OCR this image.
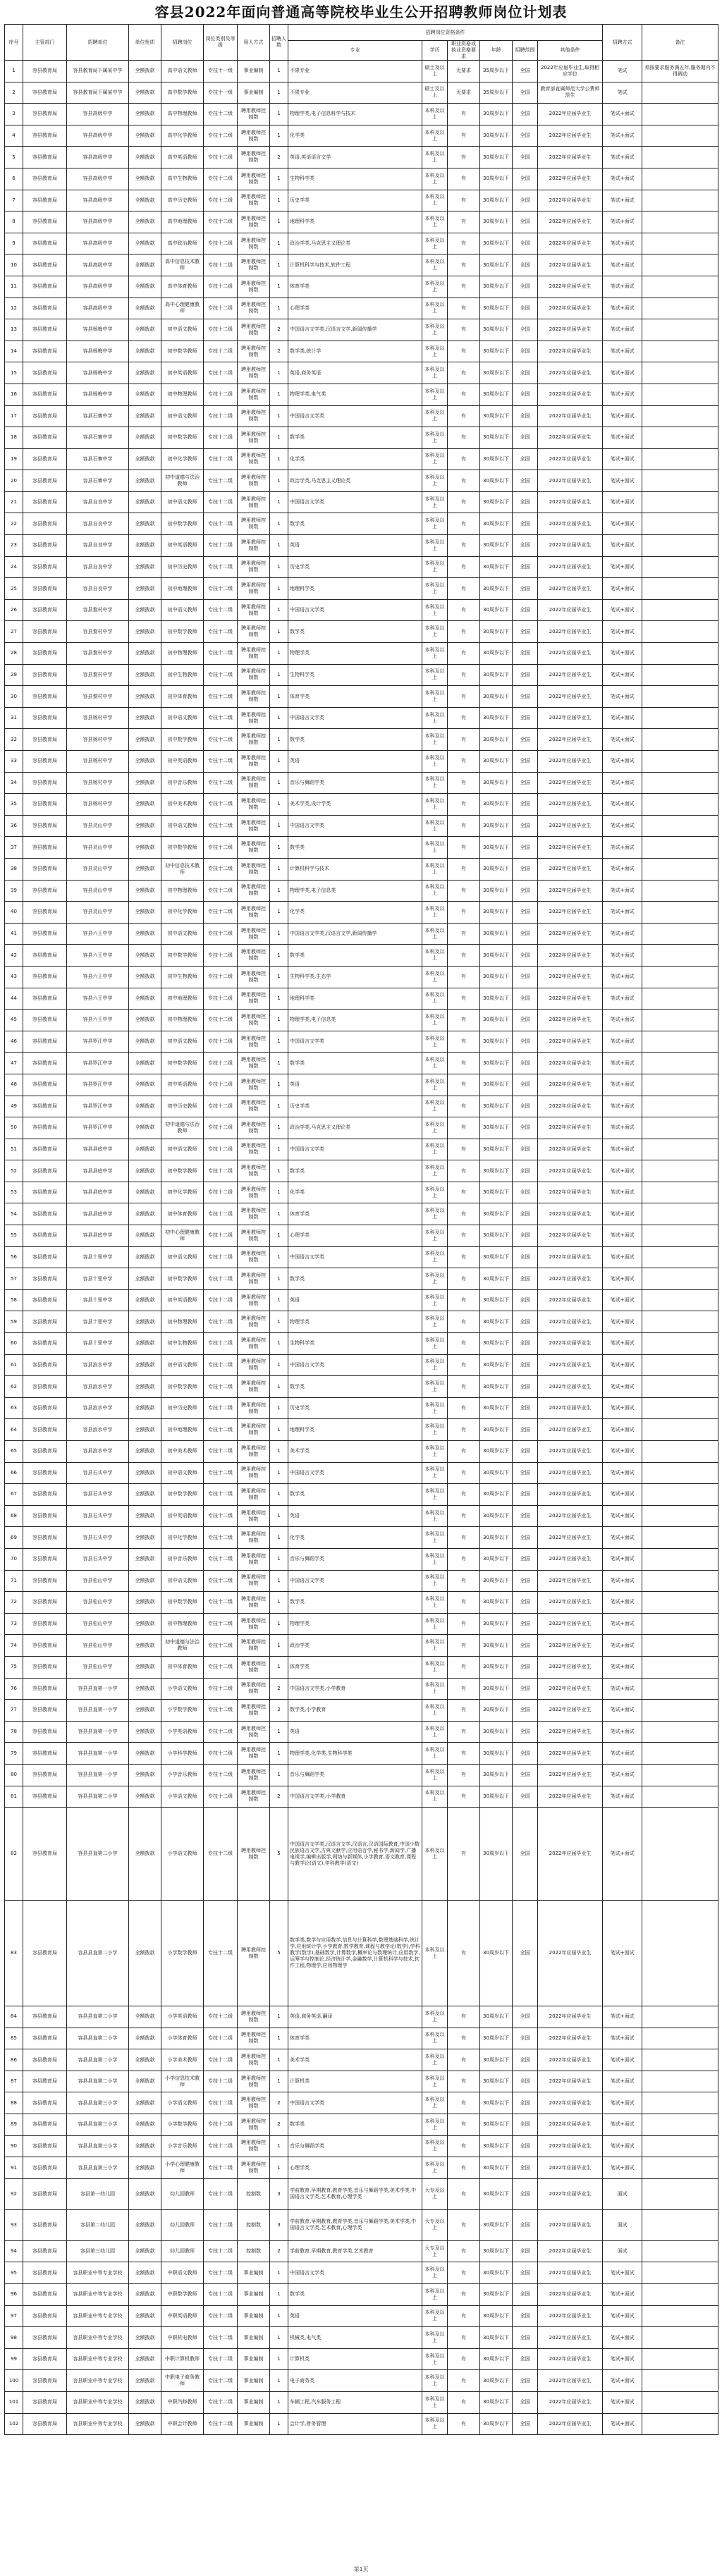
容县2022年面向普通高等院校毕业生公开招聘教师岗位计划表
序号	主管部门	招聘单位	单位性质	招聘岗位	岗位类别及等级	用人方式	招聘人数	招聘岗位资格条件						招聘方式	备注
								专业	学历	职业资格或执业资格要求	年龄	招聘范围	其他条件		
1	容县教育局	容县教育局下属某中学	全额拨款	高中语文教师	专技十一级	事业编制	1	不限专业	硕士及以上	无要求	35周岁以下	全国	2022年应届毕业生,取得相应学位	笔试	须按要求服务满五年,服务期内不得调动
2	容县教育局	容县教育局下属某中学	全额拨款	高中数学教师	专技十一级	事业编制	1	不限专业	硕士及以上	无要求	35周岁以下	全国	教育部直属师范大学公费师范生	笔试	
3	容县教育局	容县高级中学	全额拨款	高中物理教师	专技十二级	聘用教师控制数	1	物理学类,电子信息科学与技术	本科及以上	有	30周岁以下	全国	2022年应届毕业生	笔试+面试	
4	容县教育局	容县高级中学	全额拨款	高中化学教师	专技十二级	聘用教师控制数	1	化学类	本科及以上	有	30周岁以下	全国	2022年应届毕业生	笔试+面试	
5	容县教育局	容县高级中学	全额拨款	高中英语教师	专技十二级	聘用教师控制数	2	英语,英语语言文学	本科及以上	有	30周岁以下	全国	2022年应届毕业生	笔试+面试	
6	容县教育局	容县高级中学	全额拨款	高中生物教师	专技十二级	聘用教师控制数	1	生物科学类	本科及以上	有	30周岁以下	全国	2022年应届毕业生	笔试+面试	
7	容县教育局	容县高级中学	全额拨款	高中历史教师	专技十二级	聘用教师控制数	1	历史学类	本科及以上	有	30周岁以下	全国	2022年应届毕业生	笔试+面试	
8	容县教育局	容县高级中学	全额拨款	高中地理教师	专技十二级	聘用教师控制数	1	地理科学类	本科及以上	有	30周岁以下	全国	2022年应届毕业生	笔试+面试	
9	容县教育局	容县高级中学	全额拨款	高中政治教师	专技十二级	聘用教师控制数	1	政治学类,马克思主义理论类	本科及以上	有	30周岁以下	全国	2022年应届毕业生	笔试+面试	
10	容县教育局	容县高级中学	全额拨款	高中信息技术教师	专技十二级	聘用教师控制数	1	计算机科学与技术,软件工程	本科及以上	有	30周岁以下	全国	2022年应届毕业生	笔试+面试	
11	容县教育局	容县高级中学	全额拨款	高中体育教师	专技十二级	聘用教师控制数	1	体育学类	本科及以上	有	30周岁以下	全国	2022年应届毕业生	笔试+面试	
12	容县教育局	容县高级中学	全额拨款	高中心理健康教师	专技十二级	聘用教师控制数	1	心理学类	本科及以上	有	30周岁以下	全国	2022年应届毕业生	笔试+面试	
13	容县教育局	容县杨梅中学	全额拨款	初中语文教师	专技十二级	聘用教师控制数	2	中国语言文学类,汉语言文学,新闻传播学	本科及以上	有	30周岁以下	全国	2022年应届毕业生	笔试+面试	
14	容县教育局	容县杨梅中学	全额拨款	初中数学教师	专技十二级	聘用教师控制数	2	数学类,统计学	本科及以上	有	30周岁以下	全国	2022年应届毕业生	笔试+面试	
15	容县教育局	容县杨梅中学	全额拨款	初中英语教师	专技十二级	聘用教师控制数	1	英语,商务英语	本科及以上	有	30周岁以下	全国	2022年应届毕业生	笔试+面试	
16	容县教育局	容县杨梅中学	全额拨款	初中物理教师	专技十二级	聘用教师控制数	1	物理学类,电气类	本科及以上	有	30周岁以下	全国	2022年应届毕业生	笔试+面试	
17	容县教育局	容县石寨中学	全额拨款	初中语文教师	专技十二级	聘用教师控制数	1	中国语言文学类	本科及以上	有	30周岁以下	全国	2022年应届毕业生	笔试+面试	
18	容县教育局	容县石寨中学	全额拨款	初中数学教师	专技十二级	聘用教师控制数	1	数学类	本科及以上	有	30周岁以下	全国	2022年应届毕业生	笔试+面试	
19	容县教育局	容县石寨中学	全额拨款	初中化学教师	专技十二级	聘用教师控制数	1	化学类	本科及以上	有	30周岁以下	全国	2022年应届毕业生	笔试+面试	
20	容县教育局	容县石寨中学	全额拨款	初中道德与法治教师	专技十二级	聘用教师控制数	1	政治学类,马克思主义理论类	本科及以上	有	30周岁以下	全国	2022年应届毕业生	笔试+面试	
21	容县教育局	容县自良中学	全额拨款	初中语文教师	专技十二级	聘用教师控制数	1	中国语言文学类	本科及以上	有	30周岁以下	全国	2022年应届毕业生	笔试+面试	
22	容县教育局	容县自良中学	全额拨款	初中数学教师	专技十二级	聘用教师控制数	1	数学类	本科及以上	有	30周岁以下	全国	2022年应届毕业生	笔试+面试	
23	容县教育局	容县自良中学	全额拨款	初中英语教师	专技十二级	聘用教师控制数	1	英语	本科及以上	有	30周岁以下	全国	2022年应届毕业生	笔试+面试	
24	容县教育局	容县自良中学	全额拨款	初中历史教师	专技十二级	聘用教师控制数	1	历史学类	本科及以上	有	30周岁以下	全国	2022年应届毕业生	笔试+面试	
25	容县教育局	容县自良中学	全额拨款	初中地理教师	专技十二级	聘用教师控制数	1	地理科学类	本科及以上	有	30周岁以下	全国	2022年应届毕业生	笔试+面试	
26	容县教育局	容县黎村中学	全额拨款	初中语文教师	专技十二级	聘用教师控制数	1	中国语言文学类	本科及以上	有	30周岁以下	全国	2022年应届毕业生	笔试+面试	
27	容县教育局	容县黎村中学	全额拨款	初中数学教师	专技十二级	聘用教师控制数	1	数学类	本科及以上	有	30周岁以下	全国	2022年应届毕业生	笔试+面试	
28	容县教育局	容县黎村中学	全额拨款	初中物理教师	专技十二级	聘用教师控制数	1	物理学类	本科及以上	有	30周岁以下	全国	2022年应届毕业生	笔试+面试	
29	容县教育局	容县黎村中学	全额拨款	初中生物教师	专技十二级	聘用教师控制数	1	生物科学类	本科及以上	有	30周岁以下	全国	2022年应届毕业生	笔试+面试	
30	容县教育局	容县黎村中学	全额拨款	初中体育教师	专技十二级	聘用教师控制数	1	体育学类	本科及以上	有	30周岁以下	全国	2022年应届毕业生	笔试+面试	
31	容县教育局	容县杨村中学	全额拨款	初中语文教师	专技十二级	聘用教师控制数	1	中国语言文学类	本科及以上	有	30周岁以下	全国	2022年应届毕业生	笔试+面试	
32	容县教育局	容县杨村中学	全额拨款	初中数学教师	专技十二级	聘用教师控制数	1	数学类	本科及以上	有	30周岁以下	全国	2022年应届毕业生	笔试+面试	
33	容县教育局	容县杨村中学	全额拨款	初中英语教师	专技十二级	聘用教师控制数	1	英语	本科及以上	有	30周岁以下	全国	2022年应届毕业生	笔试+面试	
34	容县教育局	容县杨村中学	全额拨款	初中音乐教师	专技十二级	聘用教师控制数	1	音乐与舞蹈学类	本科及以上	有	30周岁以下	全国	2022年应届毕业生	笔试+面试	
35	容县教育局	容县杨村中学	全额拨款	初中美术教师	专技十二级	聘用教师控制数	1	美术学类,设计学类	本科及以上	有	30周岁以下	全国	2022年应届毕业生	笔试+面试	
36	容县教育局	容县灵山中学	全额拨款	初中语文教师	专技十二级	聘用教师控制数	1	中国语言文学类	本科及以上	有	30周岁以下	全国	2022年应届毕业生	笔试+面试	
37	容县教育局	容县灵山中学	全额拨款	初中数学教师	专技十二级	聘用教师控制数	1	数学类	本科及以上	有	30周岁以下	全国	2022年应届毕业生	笔试+面试	
38	容县教育局	容县灵山中学	全额拨款	初中信息技术教师	专技十二级	聘用教师控制数	1	计算机科学与技术	本科及以上	有	30周岁以下	全国	2022年应届毕业生	笔试+面试	
39	容县教育局	容县灵山中学	全额拨款	初中物理教师	专技十二级	聘用教师控制数	1	物理学类,电子信息类	本科及以上	有	30周岁以下	全国	2022年应届毕业生	笔试+面试	
40	容县教育局	容县灵山中学	全额拨款	初中化学教师	专技十二级	聘用教师控制数	1	化学类	本科及以上	有	30周岁以下	全国	2022年应届毕业生	笔试+面试	
41	容县教育局	容县六王中学	全额拨款	初中语文教师	专技十二级	聘用教师控制数	1	中国语言文学类,汉语言文学,新闻传播学	本科及以上	有	30周岁以下	全国	2022年应届毕业生	笔试+面试	
42	容县教育局	容县六王中学	全额拨款	初中数学教师	专技十二级	聘用教师控制数	1	数学类	本科及以上	有	30周岁以下	全国	2022年应届毕业生	笔试+面试	
43	容县教育局	容县六王中学	全额拨款	初中生物教师	专技十二级	聘用教师控制数	1	生物科学类,生态学	本科及以上	有	30周岁以下	全国	2022年应届毕业生	笔试+面试	
44	容县教育局	容县六王中学	全额拨款	初中地理教师	专技十二级	聘用教师控制数	1	地理科学类	本科及以上	有	30周岁以下	全国	2022年应届毕业生	笔试+面试	
45	容县教育局	容县六王中学	全额拨款	初中物理教师	专技十二级	聘用教师控制数	1	物理学类,电子信息类	本科及以上	有	30周岁以下	全国	2022年应届毕业生	笔试+面试	
46	容县教育局	容县罗江中学	全额拨款	初中语文教师	专技十二级	聘用教师控制数	1	中国语言文学类	本科及以上	有	30周岁以下	全国	2022年应届毕业生	笔试+面试	
47	容县教育局	容县罗江中学	全额拨款	初中数学教师	专技十二级	聘用教师控制数	1	数学类	本科及以上	有	30周岁以下	全国	2022年应届毕业生	笔试+面试	
48	容县教育局	容县罗江中学	全额拨款	初中英语教师	专技十二级	聘用教师控制数	1	英语	本科及以上	有	30周岁以下	全国	2022年应届毕业生	笔试+面试	
49	容县教育局	容县罗江中学	全额拨款	初中历史教师	专技十二级	聘用教师控制数	1	历史学类	本科及以上	有	30周岁以下	全国	2022年应届毕业生	笔试+面试	
50	容县教育局	容县罗江中学	全额拨款	初中道德与法治教师	专技十二级	聘用教师控制数	1	政治学类,马克思主义理论类	本科及以上	有	30周岁以下	全国	2022年应届毕业生	笔试+面试	
51	容县教育局	容县县底中学	全额拨款	初中语文教师	专技十二级	聘用教师控制数	1	中国语言文学类	本科及以上	有	30周岁以下	全国	2022年应届毕业生	笔试+面试	
52	容县教育局	容县县底中学	全额拨款	初中数学教师	专技十二级	聘用教师控制数	1	数学类	本科及以上	有	30周岁以下	全国	2022年应届毕业生	笔试+面试	
53	容县教育局	容县县底中学	全额拨款	初中化学教师	专技十二级	聘用教师控制数	1	化学类	本科及以上	有	30周岁以下	全国	2022年应届毕业生	笔试+面试	
54	容县教育局	容县县底中学	全额拨款	初中体育教师	专技十二级	聘用教师控制数	1	体育学类	本科及以上	有	30周岁以下	全国	2022年应届毕业生	笔试+面试	
55	容县教育局	容县县底中学	全额拨款	初中心理健康教师	专技十二级	聘用教师控制数	1	心理学类	本科及以上	有	30周岁以下	全国	2022年应届毕业生	笔试+面试	
56	容县教育局	容县十里中学	全额拨款	初中语文教师	专技十二级	聘用教师控制数	1	中国语言文学类	本科及以上	有	30周岁以下	全国	2022年应届毕业生	笔试+面试	
57	容县教育局	容县十里中学	全额拨款	初中数学教师	专技十二级	聘用教师控制数	1	数学类	本科及以上	有	30周岁以下	全国	2022年应届毕业生	笔试+面试	
58	容县教育局	容县十里中学	全额拨款	初中英语教师	专技十二级	聘用教师控制数	1	英语	本科及以上	有	30周岁以下	全国	2022年应届毕业生	笔试+面试	
59	容县教育局	容县十里中学	全额拨款	初中物理教师	专技十二级	聘用教师控制数	1	物理学类	本科及以上	有	30周岁以下	全国	2022年应届毕业生	笔试+面试	
60	容县教育局	容县十里中学	全额拨款	初中生物教师	专技十二级	聘用教师控制数	1	生物科学类	本科及以上	有	30周岁以下	全国	2022年应届毕业生	笔试+面试	
61	容县教育局	容县浪水中学	全额拨款	初中语文教师	专技十二级	聘用教师控制数	1	中国语言文学类	本科及以上	有	30周岁以下	全国	2022年应届毕业生	笔试+面试	
62	容县教育局	容县浪水中学	全额拨款	初中数学教师	专技十二级	聘用教师控制数	1	数学类	本科及以上	有	30周岁以下	全国	2022年应届毕业生	笔试+面试	
63	容县教育局	容县浪水中学	全额拨款	初中历史教师	专技十二级	聘用教师控制数	1	历史学类	本科及以上	有	30周岁以下	全国	2022年应届毕业生	笔试+面试	
64	容县教育局	容县浪水中学	全额拨款	初中地理教师	专技十二级	聘用教师控制数	1	地理科学类	本科及以上	有	30周岁以下	全国	2022年应届毕业生	笔试+面试	
65	容县教育局	容县浪水中学	全额拨款	初中美术教师	专技十二级	聘用教师控制数	1	美术学类	本科及以上	有	30周岁以下	全国	2022年应届毕业生	笔试+面试	
66	容县教育局	容县石头中学	全额拨款	初中语文教师	专技十二级	聘用教师控制数	1	中国语言文学类	本科及以上	有	30周岁以下	全国	2022年应届毕业生	笔试+面试	
67	容县教育局	容县石头中学	全额拨款	初中数学教师	专技十二级	聘用教师控制数	1	数学类	本科及以上	有	30周岁以下	全国	2022年应届毕业生	笔试+面试	
68	容县教育局	容县石头中学	全额拨款	初中英语教师	专技十二级	聘用教师控制数	1	英语	本科及以上	有	30周岁以下	全国	2022年应届毕业生	笔试+面试	
69	容县教育局	容县石头中学	全额拨款	初中化学教师	专技十二级	聘用教师控制数	1	化学类	本科及以上	有	30周岁以下	全国	2022年应届毕业生	笔试+面试	
70	容县教育局	容县石头中学	全额拨款	初中音乐教师	专技十二级	聘用教师控制数	1	音乐与舞蹈学类	本科及以上	有	30周岁以下	全国	2022年应届毕业生	笔试+面试	
71	容县教育局	容县松山中学	全额拨款	初中语文教师	专技十二级	聘用教师控制数	1	中国语言文学类	本科及以上	有	30周岁以下	全国	2022年应届毕业生	笔试+面试	
72	容县教育局	容县松山中学	全额拨款	初中数学教师	专技十二级	聘用教师控制数	1	数学类	本科及以上	有	30周岁以下	全国	2022年应届毕业生	笔试+面试	
73	容县教育局	容县松山中学	全额拨款	初中物理教师	专技十二级	聘用教师控制数	1	物理学类	本科及以上	有	30周岁以下	全国	2022年应届毕业生	笔试+面试	
74	容县教育局	容县松山中学	全额拨款	初中道德与法治教师	专技十二级	聘用教师控制数	1	政治学类	本科及以上	有	30周岁以下	全国	2022年应届毕业生	笔试+面试	
75	容县教育局	容县松山中学	全额拨款	初中体育教师	专技十二级	聘用教师控制数	1	体育学类	本科及以上	有	30周岁以下	全国	2022年应届毕业生	笔试+面试	
76	容县教育局	容县县直第一小学	全额拨款	小学语文教师	专技十二级	聘用教师控制数	2	中国语言文学类,小学教育	本科及以上	有	30周岁以下	全国	2022年应届毕业生	笔试+面试	
77	容县教育局	容县县直第一小学	全额拨款	小学数学教师	专技十二级	聘用教师控制数	2	数学类,小学教育	本科及以上	有	30周岁以下	全国	2022年应届毕业生	笔试+面试	
78	容县教育局	容县县直第一小学	全额拨款	小学英语教师	专技十二级	聘用教师控制数	1	英语	本科及以上	有	30周岁以下	全国	2022年应届毕业生	笔试+面试	
79	容县教育局	容县县直第一小学	全额拨款	小学科学教师	专技十二级	聘用教师控制数	1	物理学类,化学类,生物科学类	本科及以上	有	30周岁以下	全国	2022年应届毕业生	笔试+面试	
80	容县教育局	容县县直第一小学	全额拨款	小学音乐教师	专技十二级	聘用教师控制数	1	音乐与舞蹈学类	本科及以上	有	30周岁以下	全国	2022年应届毕业生	笔试+面试	
81	容县教育局	容县县直第二小学	全额拨款	小学语文教师	专技十二级	聘用教师控制数	2	中国语言文学类,小学教育	本科及以上	有	30周岁以下	全国	2022年应届毕业生	笔试+面试	
82	容县教育局	容县县直第二小学	全额拨款	小学语文教师	专技十二级	聘用教师控制数	5	中国语言文学类,汉语言文学,汉语言,汉语国际教育,中国少数民族语言文学,古典文献学,应用语言学,秘书学,新闻学,广播电视学,编辑出版学,网络与新媒体,小学教育,语文教育,课程与教学论(语文),学科教学(语文)	本科及以上	有	30周岁以下	全国	2022年应届毕业生	笔试+面试	
83	容县教育局	容县县直第二小学	全额拨款	小学数学教师	专技十二级	聘用教师控制数	5	数学类,数学与应用数学,信息与计算科学,数理基础科学,统计学,应用统计学,小学教育,数学教育,课程与教学论(数学),学科教学(数学),基础数学,计算数学,概率论与数理统计,应用数学,运筹学与控制论,经济统计学,金融数学,计算机科学与技术,软件工程,物理学,应用物理学	本科及以上	有	30周岁以下	全国	2022年应届毕业生	笔试+面试	
84	容县教育局	容县县直第二小学	全额拨款	小学英语教师	专技十二级	聘用教师控制数	1	英语,商务英语,翻译	本科及以上	有	30周岁以下	全国	2022年应届毕业生	笔试+面试	
85	容县教育局	容县县直第二小学	全额拨款	小学体育教师	专技十二级	聘用教师控制数	1	体育学类	本科及以上	有	30周岁以下	全国	2022年应届毕业生	笔试+面试	
86	容县教育局	容县县直第二小学	全额拨款	小学美术教师	专技十二级	聘用教师控制数	1	美术学类	本科及以上	有	30周岁以下	全国	2022年应届毕业生	笔试+面试	
87	容县教育局	容县县直第二小学	全额拨款	小学信息技术教师	专技十二级	聘用教师控制数	1	计算机类	本科及以上	有	30周岁以下	全国	2022年应届毕业生	笔试+面试	
88	容县教育局	容县县直第三小学	全额拨款	小学语文教师	专技十二级	聘用教师控制数	2	中国语言文学类	本科及以上	有	30周岁以下	全国	2022年应届毕业生	笔试+面试	
89	容县教育局	容县县直第三小学	全额拨款	小学数学教师	专技十二级	聘用教师控制数	2	数学类	本科及以上	有	30周岁以下	全国	2022年应届毕业生	笔试+面试	
90	容县教育局	容县县直第三小学	全额拨款	小学音乐教师	专技十二级	聘用教师控制数	1	音乐与舞蹈学类	本科及以上	有	30周岁以下	全国	2022年应届毕业生	笔试+面试	
91	容县教育局	容县县直第三小学	全额拨款	小学心理健康教师	专技十二级	聘用教师控制数	1	心理学类	本科及以上	有	30周岁以下	全国	2022年应届毕业生	笔试+面试	
92	容县教育局	容县第一幼儿园	全额拨款	幼儿园教师	专技十二级	控制数	3	学前教育,早期教育,教育学类,音乐与舞蹈学类,美术学类,中国语言文学类,艺术教育,心理学类	大专及以上	有	30周岁以下	全国	2022年应届毕业生	面试	
93	容县教育局	容县第二幼儿园	全额拨款	幼儿园教师	专技十二级	控制数	3	学前教育,早期教育,教育学类,音乐与舞蹈学类,美术学类,中国语言文学类,艺术教育,心理学类	大专及以上	有	30周岁以下	全国	2022年应届毕业生	面试	
94	容县教育局	容县第三幼儿园	全额拨款	幼儿园教师	专技十二级	控制数	2	学前教育,早期教育,教育学类,艺术教育	大专及以上	有	30周岁以下	全国	2022年应届毕业生	面试	
95	容县教育局	容县职业中等专业学校	全额拨款	中职语文教师	专技十二级	事业编制	1	中国语言文学类	本科及以上	有	30周岁以下	全国	2022年应届毕业生	笔试+面试	
96	容县教育局	容县职业中等专业学校	全额拨款	中职数学教师	专技十二级	事业编制	1	数学类	本科及以上	有	30周岁以下	全国	2022年应届毕业生	笔试+面试	
97	容县教育局	容县职业中等专业学校	全额拨款	中职英语教师	专技十二级	事业编制	1	英语	本科及以上	有	30周岁以下	全国	2022年应届毕业生	笔试+面试	
98	容县教育局	容县职业中等专业学校	全额拨款	中职机电教师	专技十二级	事业编制	1	机械类,电气类	本科及以上	有	30周岁以下	全国	2022年应届毕业生	笔试+面试	
99	容县教育局	容县职业中等专业学校	全额拨款	中职计算机教师	专技十二级	事业编制	1	计算机类	本科及以上	有	30周岁以下	全国	2022年应届毕业生	笔试+面试	
100	容县教育局	容县职业中等专业学校	全额拨款	中职电子商务教师	专技十二级	事业编制	1	电子商务类	本科及以上	有	30周岁以下	全国	2022年应届毕业生	笔试+面试	
101	容县教育局	容县职业中等专业学校	全额拨款	中职汽修教师	专技十二级	事业编制	1	车辆工程,汽车服务工程	本科及以上	有	30周岁以下	全国	2022年应届毕业生	笔试+面试	
102	容县教育局	容县职业中等专业学校	全额拨款	中职会计教师	专技十二级	事业编制	1	会计学,财务管理	本科及以上	有	30周岁以下	全国	2022年应届毕业生	笔试+面试	
第1页
